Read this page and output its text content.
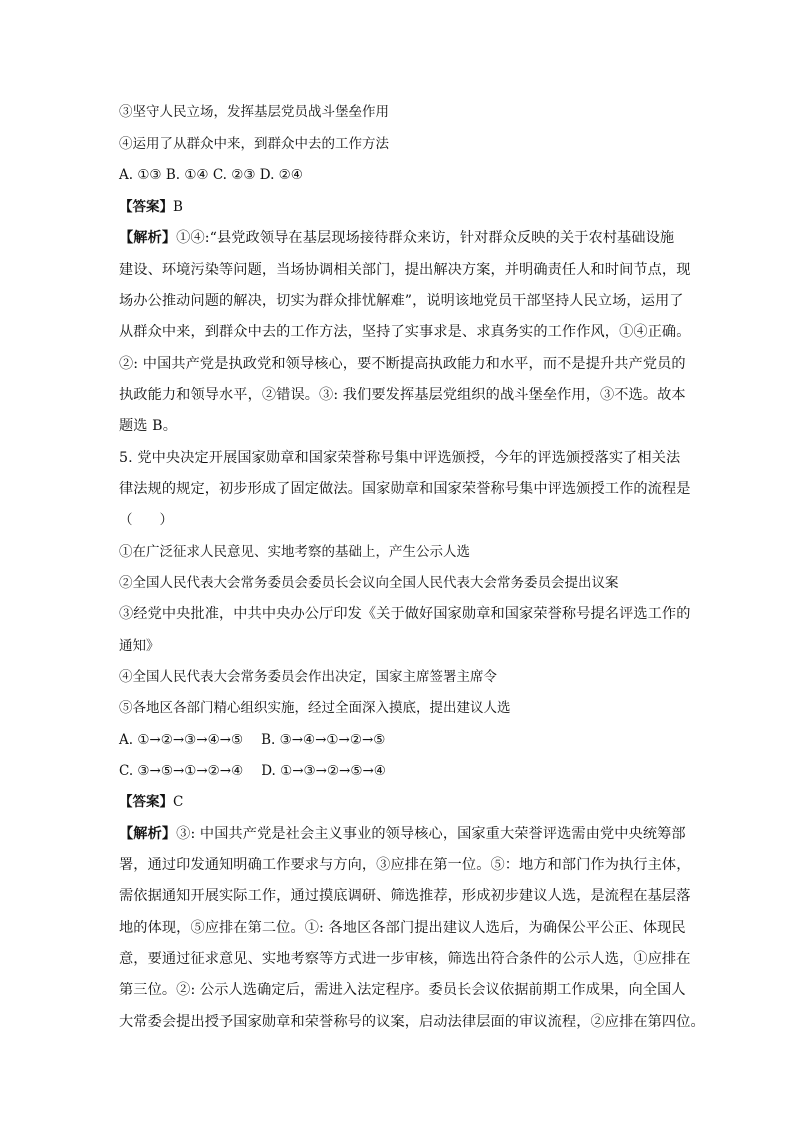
③坚守人民立场，发挥基层党员战斗堡垒作用
④运用了从群众中来，到群众中去的工作方法
A. ①③ B. ①④ C. ②③ D. ②④
【答案】B
【解析】①④:“县党政领导在基层现场接待群众来访，针对群众反映的关于农村基础设施
建设、环境污染等问题，当场协调相关部门，提出解决方案，并明确责任人和时间节点，现
场办公推动问题的解决，切实为群众排忧解难”，说明该地党员干部坚持人民立场，运用了
从群众中来，到群众中去的工作方法，坚持了实事求是、求真务实的工作作风，①④正确。
②: 中国共产党是执政党和领导核心，要不断提高执政能力和水平，而不是提升共产党员的
执政能力和领导水平，②错误。③: 我们要发挥基层党组织的战斗堡垒作用，③不选。故本
题选 B。
5. 党中央决定开展国家勋章和国家荣誉称号集中评选颁授，今年的评选颁授落实了相关法
律法规的规定，初步形成了固定做法。国家勋章和国家荣誉称号集中评选颁授工作的流程是
（　　）
①在广泛征求人民意见、实地考察的基础上，产生公示人选
②全国人民代表大会常务委员会委员长会议向全国人民代表大会常务委员会提出议案
③经党中央批准，中共中央办公厅印发《关于做好国家勋章和国家荣誉称号提名评选工作的
通知》
④全国人民代表大会常务委员会作出决定，国家主席签署主席令
⑤各地区各部门精心组织实施，经过全面深入摸底，提出建议人选
A. ①→②→③→④→⑤ B. ③→④→①→②→⑤
C. ③→⑤→①→②→④ D. ①→③→②→⑤→④
【答案】C
【解析】③: 中国共产党是社会主义事业的领导核心，国家重大荣誉评选需由党中央统筹部
署，通过印发通知明确工作要求与方向，③应排在第一位。⑤：地方和部门作为执行主体，
需依据通知开展实际工作，通过摸底调研、筛选推荐，形成初步建议人选，是流程在基层落
地的体现，⑤应排在第二位。①: 各地区各部门提出建议人选后，为确保公平公正、体现民
意，要通过征求意见、实地考察等方式进一步审核，筛选出符合条件的公示人选，①应排在
第三位。②: 公示人选确定后，需进入法定程序。委员长会议依据前期工作成果，向全国人
大常委会提出授予国家勋章和荣誉称号的议案，启动法律层面的审议流程，②应排在第四位。
